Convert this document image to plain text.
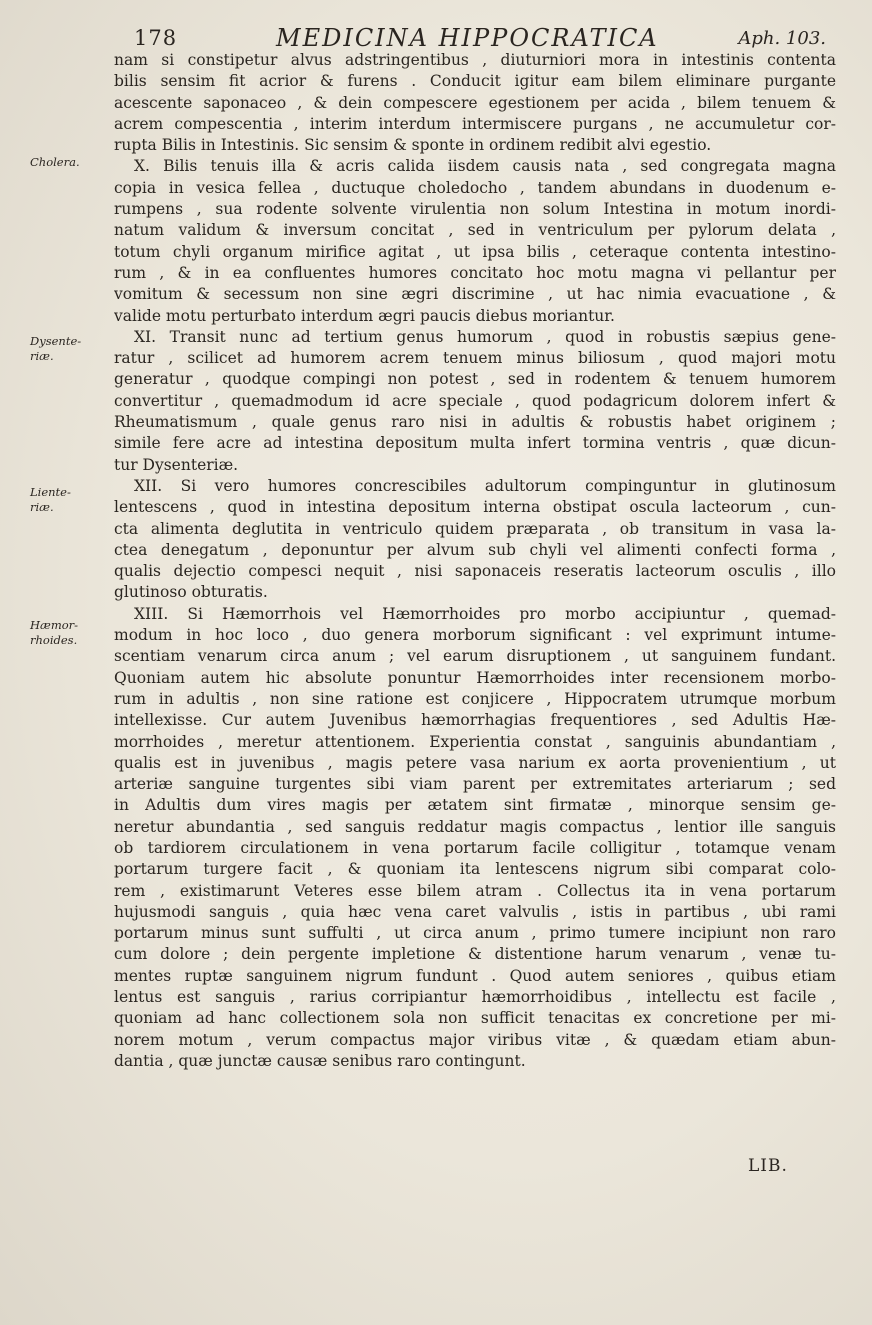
178	MEDICINA HIPPOCRATICA	Aph. 103.
Cholera.
Dysente-
riæ.
Liente-
riæ.
Hæmor-
rhoides.
nam si constipetur alvus adstringentibus , diuturniori mora in intestinis contenta
bilis sensim fit acrior & furens . Conducit igitur eam bilem eliminare purgante
acescente saponaceo , & dein compescere egestionem per acida , bilem tenuem &
acrem compescentia , interim interdum intermiscere purgans , ne accumuletur cor-
rupta Bilis in Intestinis. Sic sensim & sponte in ordinem redibit alvi egestio.
X. Bilis tenuis illa & acris calida iisdem causis nata , sed congregata magna
copia in vesica fellea , ductuque choledocho , tandem abundans in duodenum e-
rumpens , sua rodente solvente virulentia non solum Intestina in motum inordi-
natum validum & inversum concitat , sed in ventriculum per pylorum delata ,
totum chyli organum mirifice agitat , ut ipsa bilis , ceteraque contenta intestino-
rum , & in ea confluentes humores concitato hoc motu magna vi pellantur per
vomitum & secessum non sine ægri discrimine , ut hac nimia evacuatione , &
valide motu perturbato interdum ægri paucis diebus moriantur.
XI. Transit nunc ad tertium genus humorum , quod in robustis sæpius gene-
ratur , scilicet ad humorem acrem tenuem minus biliosum , quod majori motu
generatur , quodque compingi non potest , sed in rodentem & tenuem humorem
convertitur , quemadmodum id acre speciale , quod podagricum dolorem infert &
Rheumatismum , quale genus raro nisi in adultis & robustis habet originem ;
simile fere acre ad intestina depositum multa infert tormina ventris , quæ dicun-
tur Dysenteriæ.
XII. Si vero humores concrescibiles adultorum compinguntur in glutinosum
lentescens , quod in intestina depositum interna obstipat oscula lacteorum , cun-
cta alimenta deglutita in ventriculo quidem præparata , ob transitum in vasa la-
ctea denegatum , deponuntur per alvum sub chyli vel alimenti confecti forma ,
qualis dejectio compesci nequit , nisi saponaceis reseratis lacteorum osculis , illo
glutinoso obturatis.
XIII. Si Hæmorrhois vel Hæmorrhoides pro morbo accipiuntur , quemad-
modum in hoc loco , duo genera morborum significant : vel exprimunt intume-
scentiam venarum circa anum ; vel earum disruptionem , ut sanguinem fundant.
Quoniam autem hic absolute ponuntur Hæmorrhoides inter recensionem morbo-
rum in adultis , non sine ratione est conjicere , Hippocratem utrumque morbum
intellexisse. Cur autem Juvenibus hæmorrhagias frequentiores , sed Adultis Hæ-
morrhoides , meretur attentionem. Experientia constat , sanguinis abundantiam ,
qualis est in juvenibus , magis petere vasa narium ex aorta provenientium , ut
arteriæ sanguine turgentes sibi viam parent per extremitates arteriarum ; sed
in Adultis dum vires magis per ætatem sint firmatæ , minorque sensim ge-
neretur abundantia , sed sanguis reddatur magis compactus , lentior ille sanguis
ob tardiorem circulationem in vena portarum facile colligitur , totamque venam
portarum turgere facit , & quoniam ita lentescens nigrum sibi comparat colo-
rem , existimarunt Veteres esse bilem atram . Collectus ita in vena portarum
hujusmodi sanguis , quia hæc vena caret valvulis , istis in partibus , ubi rami
portarum minus sunt suffulti , ut circa anum , primo tumere incipiunt non raro
cum dolore ; dein pergente impletione & distentione harum venarum , venæ tu-
mentes ruptæ sanguinem nigrum fundunt . Quod autem seniores , quibus etiam
lentus est sanguis , rarius corripiantur hæmorrhoidibus , intellectu est facile ,
quoniam ad hanc collectionem sola non sufficit tenacitas ex concretione per mi-
norem motum , verum compactus major viribus vitæ , & quædam etiam abun-
dantia , quæ junctæ causæ senibus raro contingunt.
LIB.
